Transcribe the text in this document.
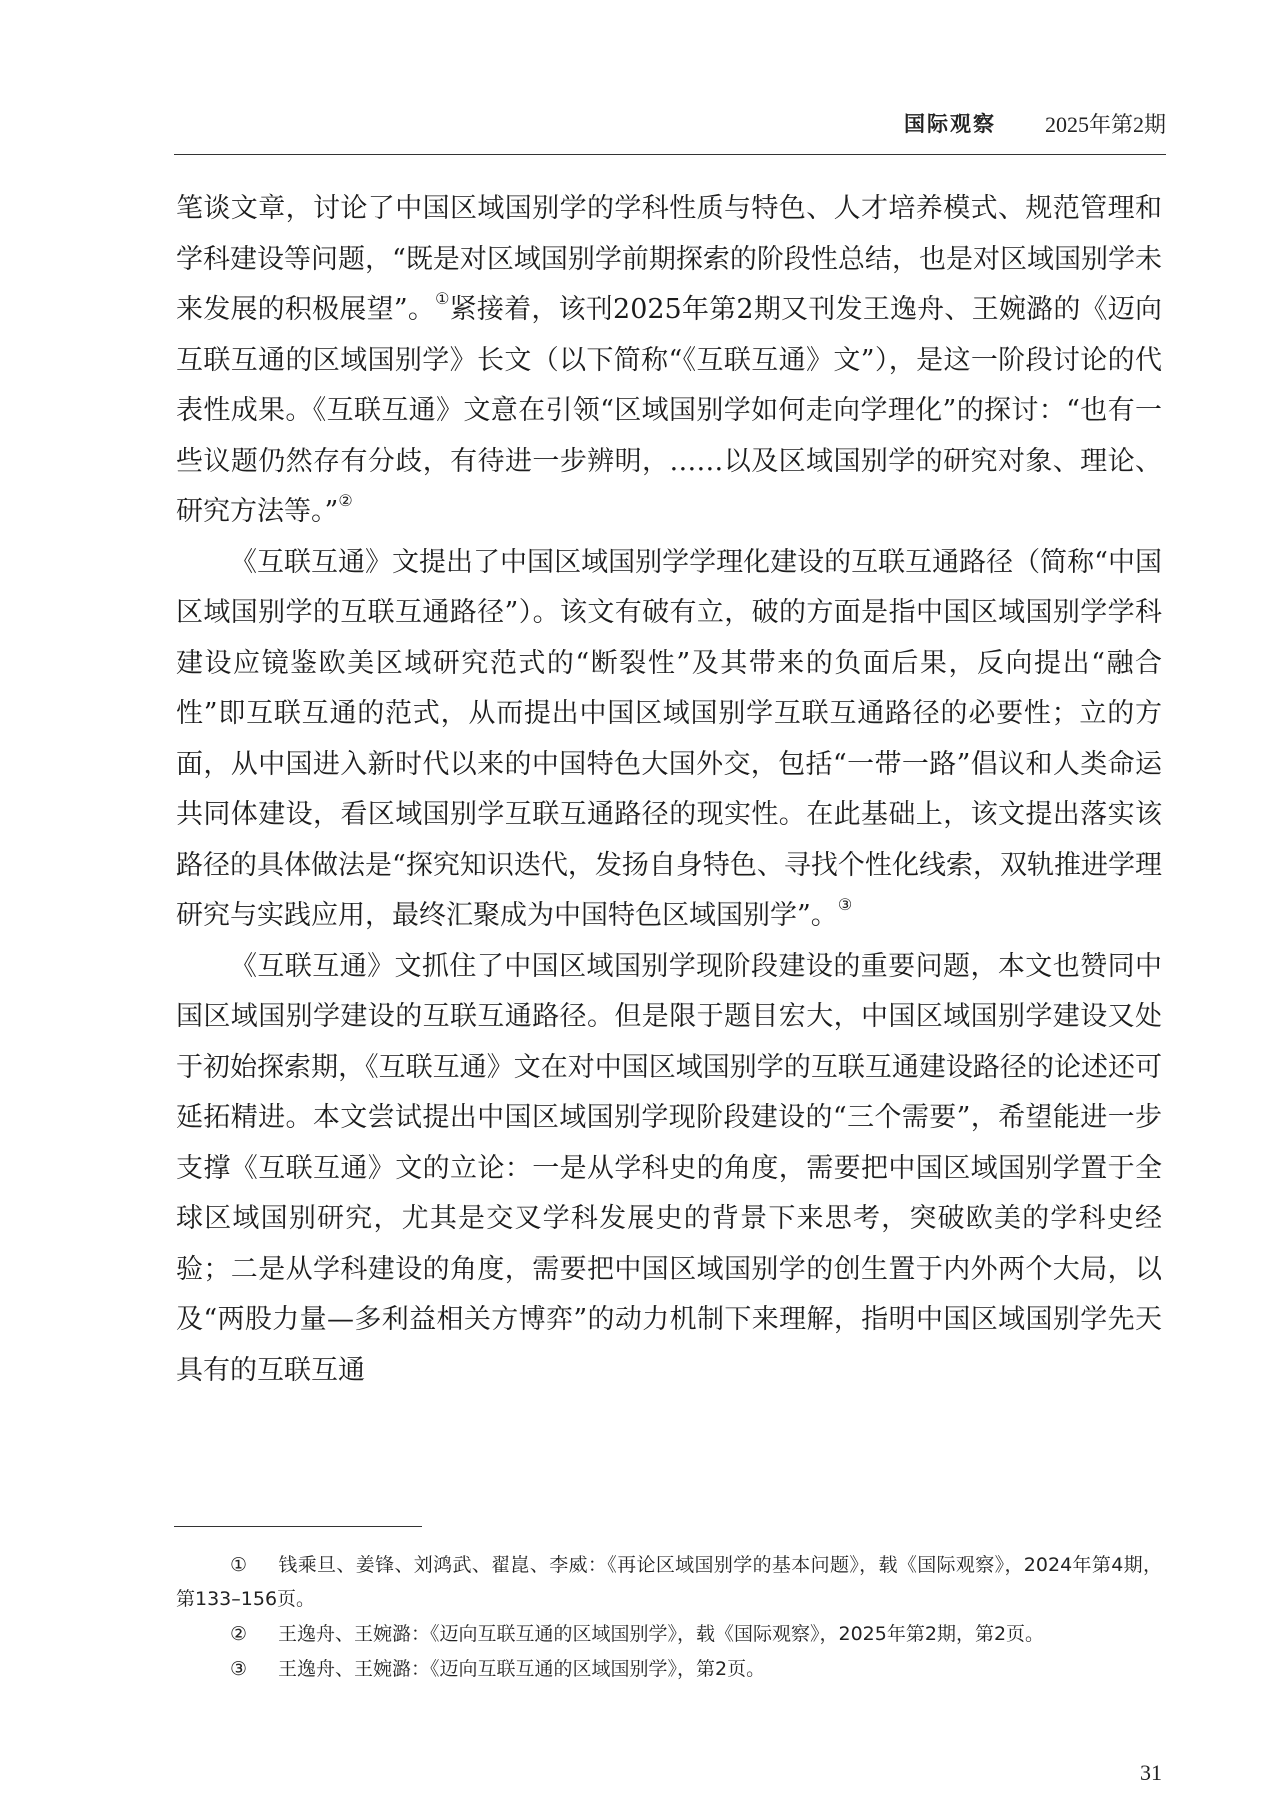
国际观察 2025年第2期

笔谈文章，讨论了中国区域国别学的学科性质与特色、人才培养模式、规范管理和学科建设等问题，“既是对区域国别学前期探索的阶段性总结，也是对区域国别学未来发展的积极展望”。①紧接着，该刊2025年第2期又刊发王逸舟、王婉潞的《迈向互联互通的区域国别学》长文（以下简称“《互联互通》文”），是这一阶段讨论的代表性成果。《互联互通》文意在引领“区域国别学如何走向学理化”的探讨：“也有一些议题仍然存有分歧，有待进一步辨明，……以及区域国别学的研究对象、理论、研究方法等。”②

《互联互通》文提出了中国区域国别学学理化建设的互联互通路径（简称“中国区域国别学的互联互通路径”）。该文有破有立，破的方面是指中国区域国别学学科建设应镜鉴欧美区域研究范式的“断裂性”及其带来的负面后果，反向提出“融合性”即互联互通的范式，从而提出中国区域国别学互联互通路径的必要性；立的方面，从中国进入新时代以来的中国特色大国外交，包括“一带一路”倡议和人类命运共同体建设，看区域国别学互联互通路径的现实性。在此基础上，该文提出落实该路径的具体做法是“探究知识迭代，发扬自身特色、寻找个性化线索，双轨推进学理研究与实践应用，最终汇聚成为中国特色区域国别学”。③

《互联互通》文抓住了中国区域国别学现阶段建设的重要问题，本文也赞同中国区域国别学建设的互联互通路径。但是限于题目宏大，中国区域国别学建设又处于初始探索期，《互联互通》文在对中国区域国别学的互联互通建设路径的论述还可延拓精进。本文尝试提出中国区域国别学现阶段建设的“三个需要”，希望能进一步支撑《互联互通》文的立论：一是从学科史的角度，需要把中国区域国别学置于全球区域国别研究，尤其是交叉学科发展史的背景下来思考，突破欧美的学科史经验；二是从学科建设的角度，需要把中国区域国别学的创生置于内外两个大局，以及“两股力量—多利益相关方博弈”的动力机制下来理解，指明中国区域国别学先天具有的互联互通

① 钱乘旦、姜锋、刘鸿武、翟崑、李威：《再论区域国别学的基本问题》，载《国际观察》，2024年第4期，第133–156页。

② 王逸舟、王婉潞：《迈向互联互通的区域国别学》，载《国际观察》，2025年第2期，第2页。

③ 王逸舟、王婉潞：《迈向互联互通的区域国别学》，第2页。

31
